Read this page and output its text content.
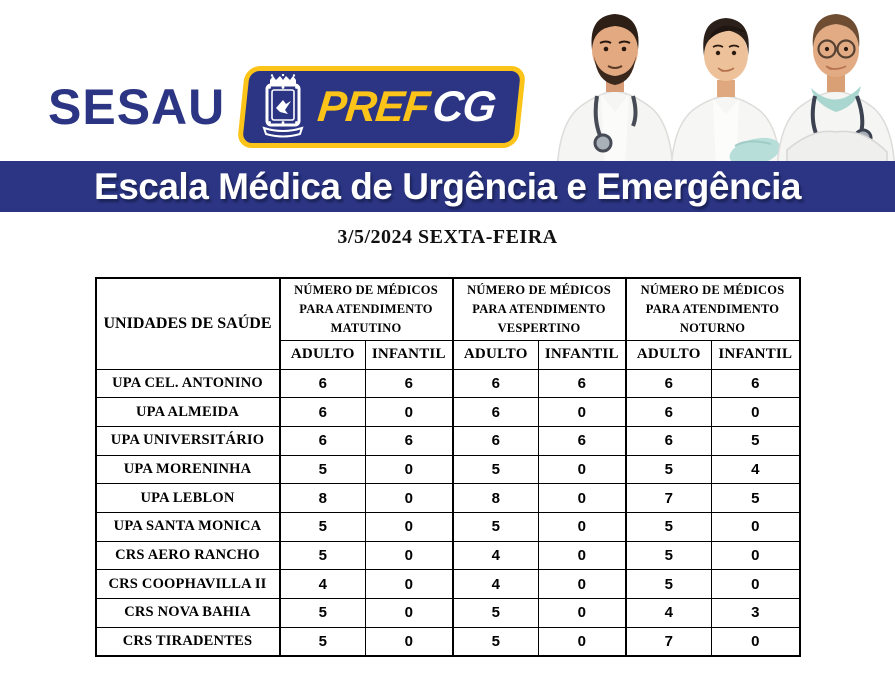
SESAU PREF
CG
Escala Médica de Urgência e Emergência
3/5/2024 SEXTA-FEIRA
UNIDADES DE SAÚDE	NÚMERO DE MÉDICOS
PARA ATENDIMENTO
MATUTINO		NÚMERO DE MÉDICOS
PARA ATENDIMENTO
VESPERTINO		NÚMERO DE MÉDICOS
PARA ATENDIMENTO
NOTURNO	

	ADULTO	INFANTIL	ADULTO	INFANTIL	ADULTO	INFANTIL
UPA CEL. ANTONINO	6	6	6	6	6	6
UPA ALMEIDA	6	0	6	0	6	0
UPA UNIVERSITÁRIO	6	6	6	6	6	5
UPA MORENINHA	5	0	5	0	5	4
UPA LEBLON	8	0	8	0	7	5
UPA SANTA MONICA	5	0	5	0	5	0
CRS AERO RANCHO	5	0	4	0	5	0
CRS COOPHAVILLA II	4	0	4	0	5	0
CRS NOVA BAHIA	5	0	5	0	4	3
CRS TIRADENTES	5	0	5	0	7	0
